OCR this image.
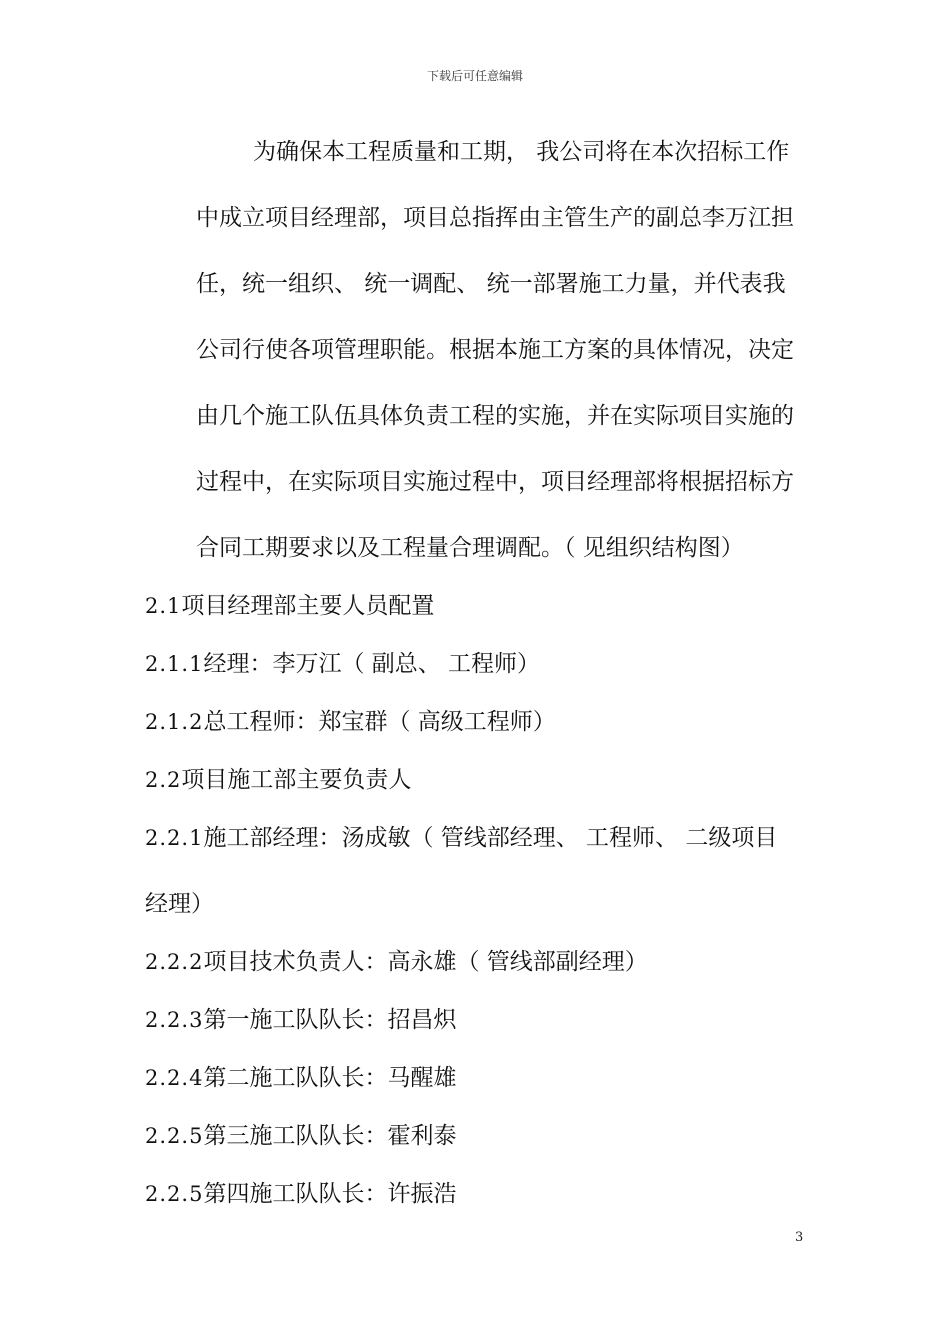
下载后可任意编辑
为确保本工程质量和工期， 我公司将在本次招标工作
中成立项目经理部，项目总指挥由主管生产的副总李万江担
任，统一组织、 统一调配、 统一部署施工力量，并代表我
公司行使各项管理职能。根据本施工方案的具体情况，决定
由几个施工队伍具体负责工程的实施，并在实际项目实施的
过程中，在实际项目实施过程中，项目经理部将根据招标方
合同工期要求以及工程量合理调配。（ 见组织结构图）
2.1项目经理部主要人员配置
2.1.1经理：李万江（ 副总、 工程师）
2.1.2总工程师：郑宝群（ 高级工程师）
2.2项目施工部主要负责人
2.2.1施工部经理：汤成敏（ 管线部经理、 工程师、 二级项目
经理）
2.2.2项目技术负责人：高永雄（ 管线部副经理）
2.2.3第一施工队队长：招昌炽
2.2.4第二施工队队长：马醒雄
2.2.5第三施工队队长：霍利泰
2.2.5第四施工队队长：许振浩
3
